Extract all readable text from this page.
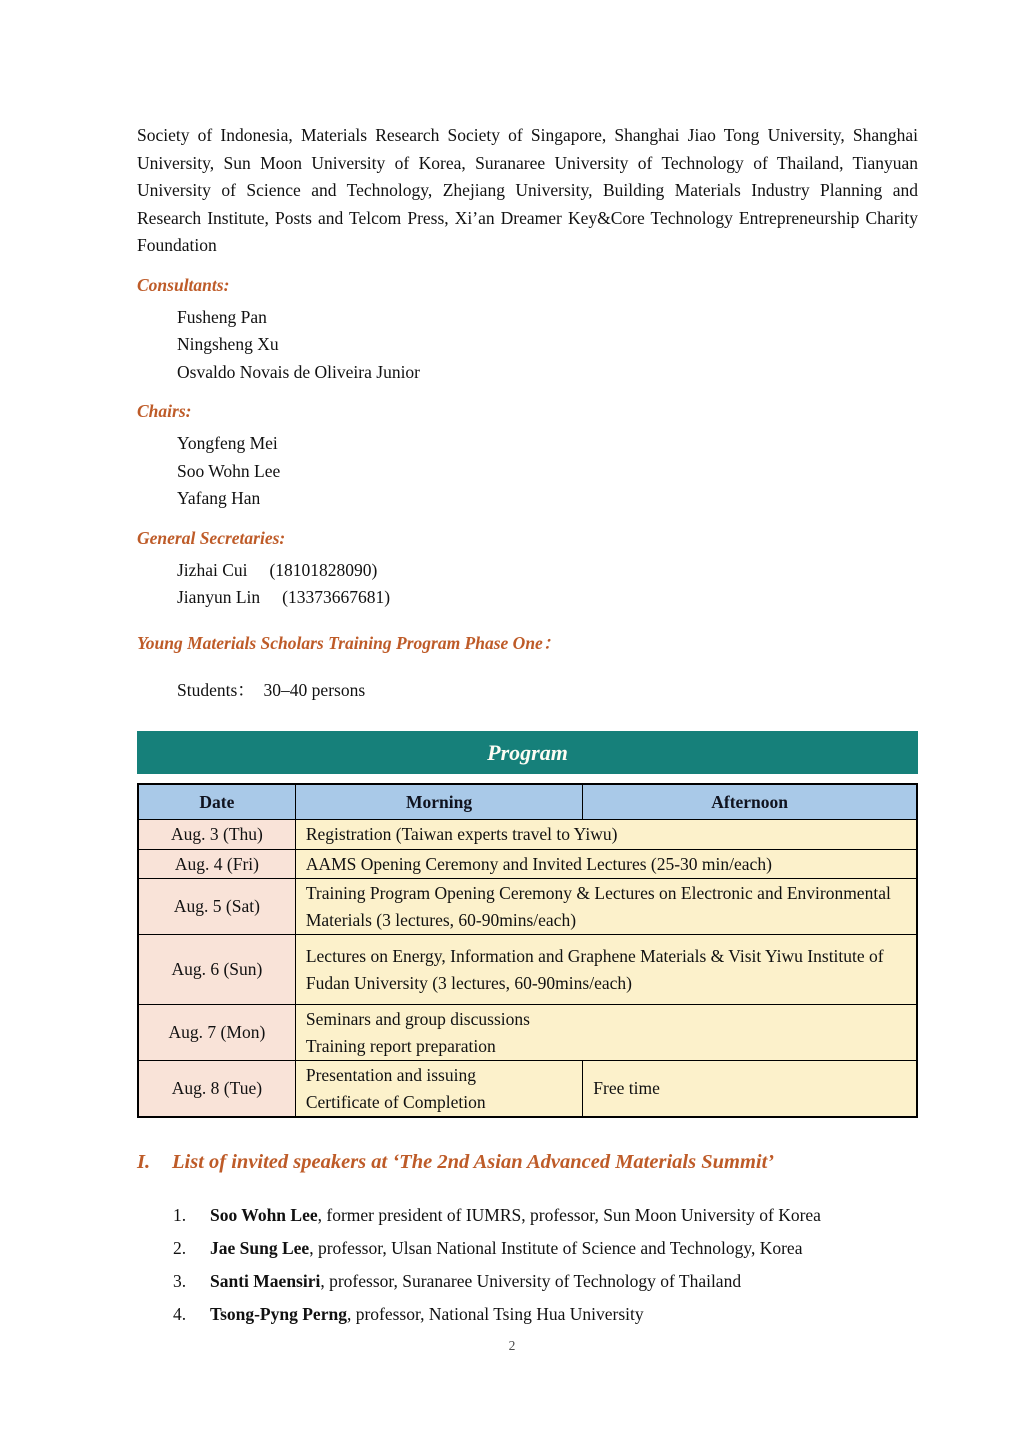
Society of Indonesia, Materials Research Society of Singapore, Shanghai Jiao Tong University, Shanghai University, Sun Moon University of Korea, Suranaree University of Technology of Thailand, Tianyuan University of Science and Technology, Zhejiang University, Building Materials Industry Planning and Research Institute, Posts and Telcom Press, Xi’an Dreamer Key&Core Technology Entrepreneurship Charity Foundation

Consultants:
Fusheng Pan
Ningsheng Xu
Osvaldo Novais de Oliveira Junior
Chairs:
Yongfeng Mei
Soo Wohn Lee
Yafang Han
General Secretaries:
Jizhai Cui (18101828090)
Jianyun Lin (13373667681)
Young Materials Scholars Training Program Phase One：
Students： 30–40 persons
Program
Date	Morning	Afternoon
Aug. 3 (Thu)	Registration (Taiwan experts travel to Yiwu)	
Aug. 4 (Fri)	AAMS Opening Ceremony and Invited Lectures (25-30 min/each)	
Aug. 5 (Sat)	Training Program Opening Ceremony & Lectures on Electronic and Environmental Materials (3 lectures, 60-90mins/each)	
Aug. 6 (Sun)	Lectures on Energy, Information and Graphene Materials & Visit Yiwu Institute of Fudan University (3 lectures, 60-90mins/each)	
Aug. 7 (Mon)	Seminars and group discussions
Training report preparation	

Aug. 8 (Tue)	Presentation and issuing
Certificate of Completion	Free time
I.	List of invited speakers at ‘The 2nd Asian Advanced Materials Summit’
1.	Soo Wohn Lee, former president of IUMRS, professor, Sun Moon University of Korea
2.	Jae Sung Lee, professor, Ulsan National Institute of Science and Technology, Korea
3.	Santi Maensiri, professor, Suranaree University of Technology of Thailand
4.	Tsong-Pyng Perng, professor, National Tsing Hua University
2
